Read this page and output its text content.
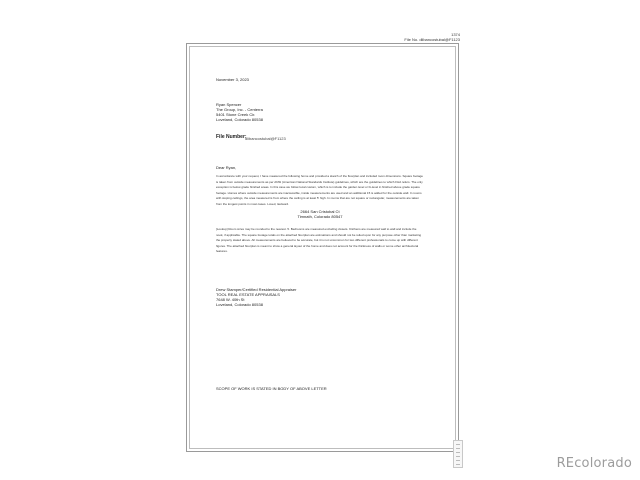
1374
File No. dlibancostubal@F1123
November 3, 2023
Ryan Spencer
The Group, Inc. - Centerra
5401 Stone Creek Cir.
Loveland, Colorado 80538
File Number:
dlibancostubal@F1123
Dear Ryan,
In accordance with your request, I have measured the following home and provided a sketch of the floorplan and included room dimensions. Square footage is taken from outside measurements as per ANSI (American National Standards Institute) guidelines, which are the guidelines to which FHA refers. The only exception is below grade finished areas. In this case we follow local custom, which is to include the garden level or bi-level in finished above grade square footage. Homes where outside measurements are inaccessible, inside measurements are used and an additional 15 is added for the outside wall. In rooms with sloping ceilings, the area measured is from where the ceiling is at least 5' high. In rooms that are not square or rectangular, measurements are taken from the longest points in most cases. Loved, lastword.
2664 San Cristobal Ct
Timnath, Colorado 80547
[Lookup] Room sizes may be rounded to the nearest .5. Bedrooms are measured excluding closets. Kitchens are measured wall to wall and include the nook, if applicable. The square footage totals on the attached floorplan are estimations and should not be relied upon for any purpose other than marketing the property stated above. All measurements are believed to be accurate, but it is not uncommon for two different professionals to come up with different figures. The attached floorplan is meant to show a general layout of the home and does not account for the thickness of walls or some other architectural features.
Drew Stamper/Certified Residential Appraiser
TOOL REAL ESTATE APPRAISALS
7648 W. 40th St
Loveland, Colorado 80538
SCOPE OF WORK IS STATED IN BODY OF ABOVE LETTER
REcolorado
